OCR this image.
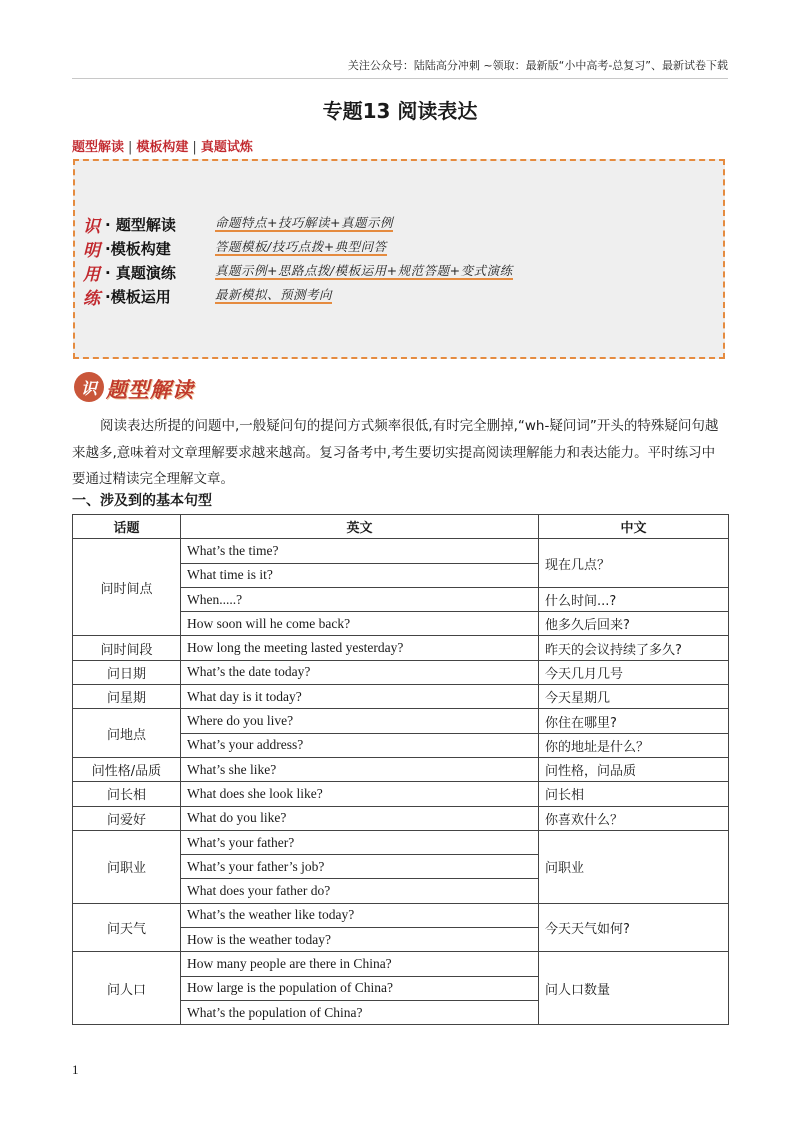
关注公众号：陆陆高分冲刺 ~领取：最新版“小中高考-总复习”、最新试卷下载
专题13 阅读表达
题型解读 | 模板构建 | 真题试炼
识 · 题型解读	命题特点+技巧解读+真题示例
明 ·模板构建	答题模板/技巧点拨+典型问答
用 · 真题演练	真题示例+思路点拨/模板运用+规范答题+变式演练
练 ·模板运用	最新模拟、预测考向
识 题型解读
阅读表达所提的问题中,一般疑问句的提问方式频率很低,有时完全删掉,“wh-疑问词”开头的特殊疑问句越来越多,意味着对文章理解要求越来越高。复习备考中,考生要切实提高阅读理解能力和表达能力。平时练习中要通过精读完全理解文章。
一、涉及到的基本句型
话题	英文	中文
问时间点	What’s the time?	现在几点？
	What time is it?	
	When.....?	什么时间...?
	How soon will he come back?	他多久后回来?
问时间段	How long the meeting lasted yesterday?	昨天的会议持续了多久?
问日期	What’s the date today?	今天几月几号
问星期	What day is it today?	今天星期几
问地点	Where do you live?	你住在哪里?
	What’s your address?	你的地址是什么？
问性格/品质	What’s she like?	问性格，问品质
问长相	What does she look like?	问长相
问爱好	What do you like?	你喜欢什么？
问职业	What’s your father?	问职业
	What’s your father’s job?	
	What does your father do?	
问天气	What’s the weather like today?	今天天气如何?
	How is the weather today?	
问人口	How many people are there in China?	问人口数量
	How large is the population of China?	
	What’s the population of China?	
1
